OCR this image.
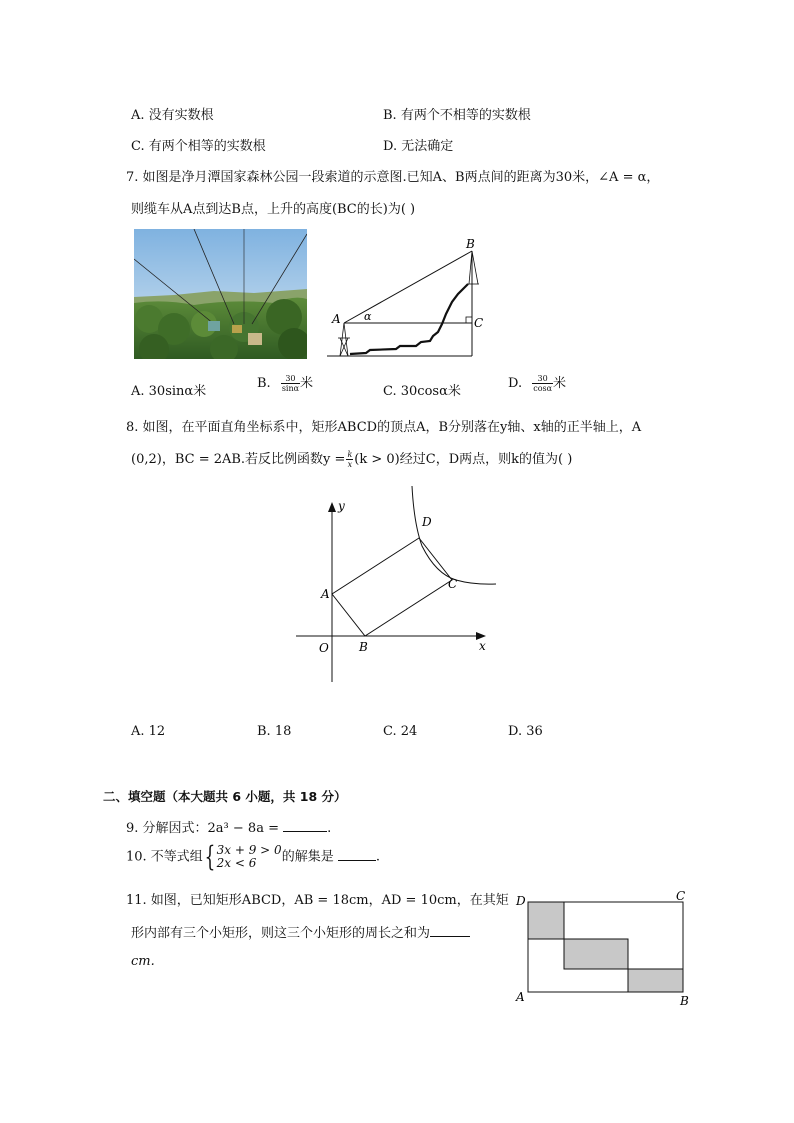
A. 没有实数根	B. 有两个不相等的实数根
C. 有两个相等的实数根	D. 无法确定
7. 如图是净月潭国家森林公园一段索道的示意图.已知A、B两点间的距离为30米，∠A = α，
则缆车从A点到达B点，上升的高度(BC的长)为( )
A
B
C
α
A. 30sinα米
B. $\frac{30}{\sin\alpha}$ 米
C. 30cosα米
D. $\frac{30}{\cos\alpha}$ 米
8. 如图，在平面直角坐标系中，矩形ABCD的顶点A，B分别落在y轴、x轴的正半轴上，A
(0,2)，BC = 2AB.若反比例函数$y = \frac{k}{x} (k > 0)$经过C，D两点，则k的值为( )
y
x
O
A
B
C
D
A. 12	B. 18	C. 24	D. 36
二、填空题（本大题共 6 小题，共 18 分）
9. 分解因式：2a³ − 8a =	.
10. 不等式组{ 3x + 9 > 0
2x < 6	的解集是	.
11. 如图，已知矩形ABCD，AB = 18cm，AD = 10cm，在其矩
形内部有三个小矩形，则这三个小矩形的周长之和为
cm.
D	C
A	B
